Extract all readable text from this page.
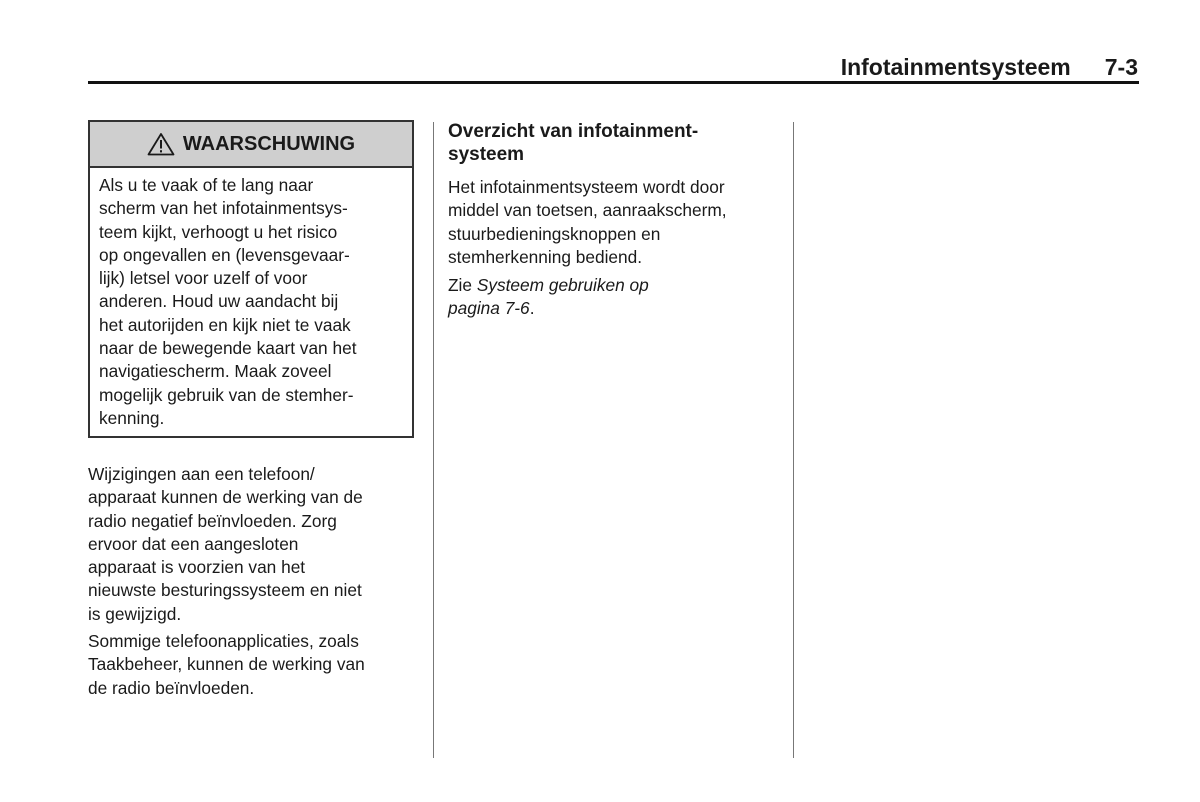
Infotainmentsysteem 7-3
WAARSCHUWING
Als u te vaak of te lang naar
scherm van het infotainmentsys-
teem kijkt, verhoogt u het risico
op ongevallen en (levensgevaar-
lijk) letsel voor uzelf of voor
anderen. Houd uw aandacht bij
het autorijden en kijk niet te vaak
naar de bewegende kaart van het
navigatiescherm. Maak zoveel
mogelijk gebruik van de stemher-
kenning.
Wijzigingen aan een telefoon/
apparaat kunnen de werking van de
radio negatief beïnvloeden. Zorg
ervoor dat een aangesloten
apparaat is voorzien van het
nieuwste besturingssysteem en niet
is gewijzigd.
Sommige telefoonapplicaties, zoals
Taakbeheer, kunnen de werking van
de radio beïnvloeden.
Overzicht van infotainment-
systeem
Het infotainmentsysteem wordt door
middel van toetsen, aanraakscherm,
stuurbedieningsknoppen en
stemherkenning bediend.
Zie Systeem gebruiken op
pagina 7-6.
